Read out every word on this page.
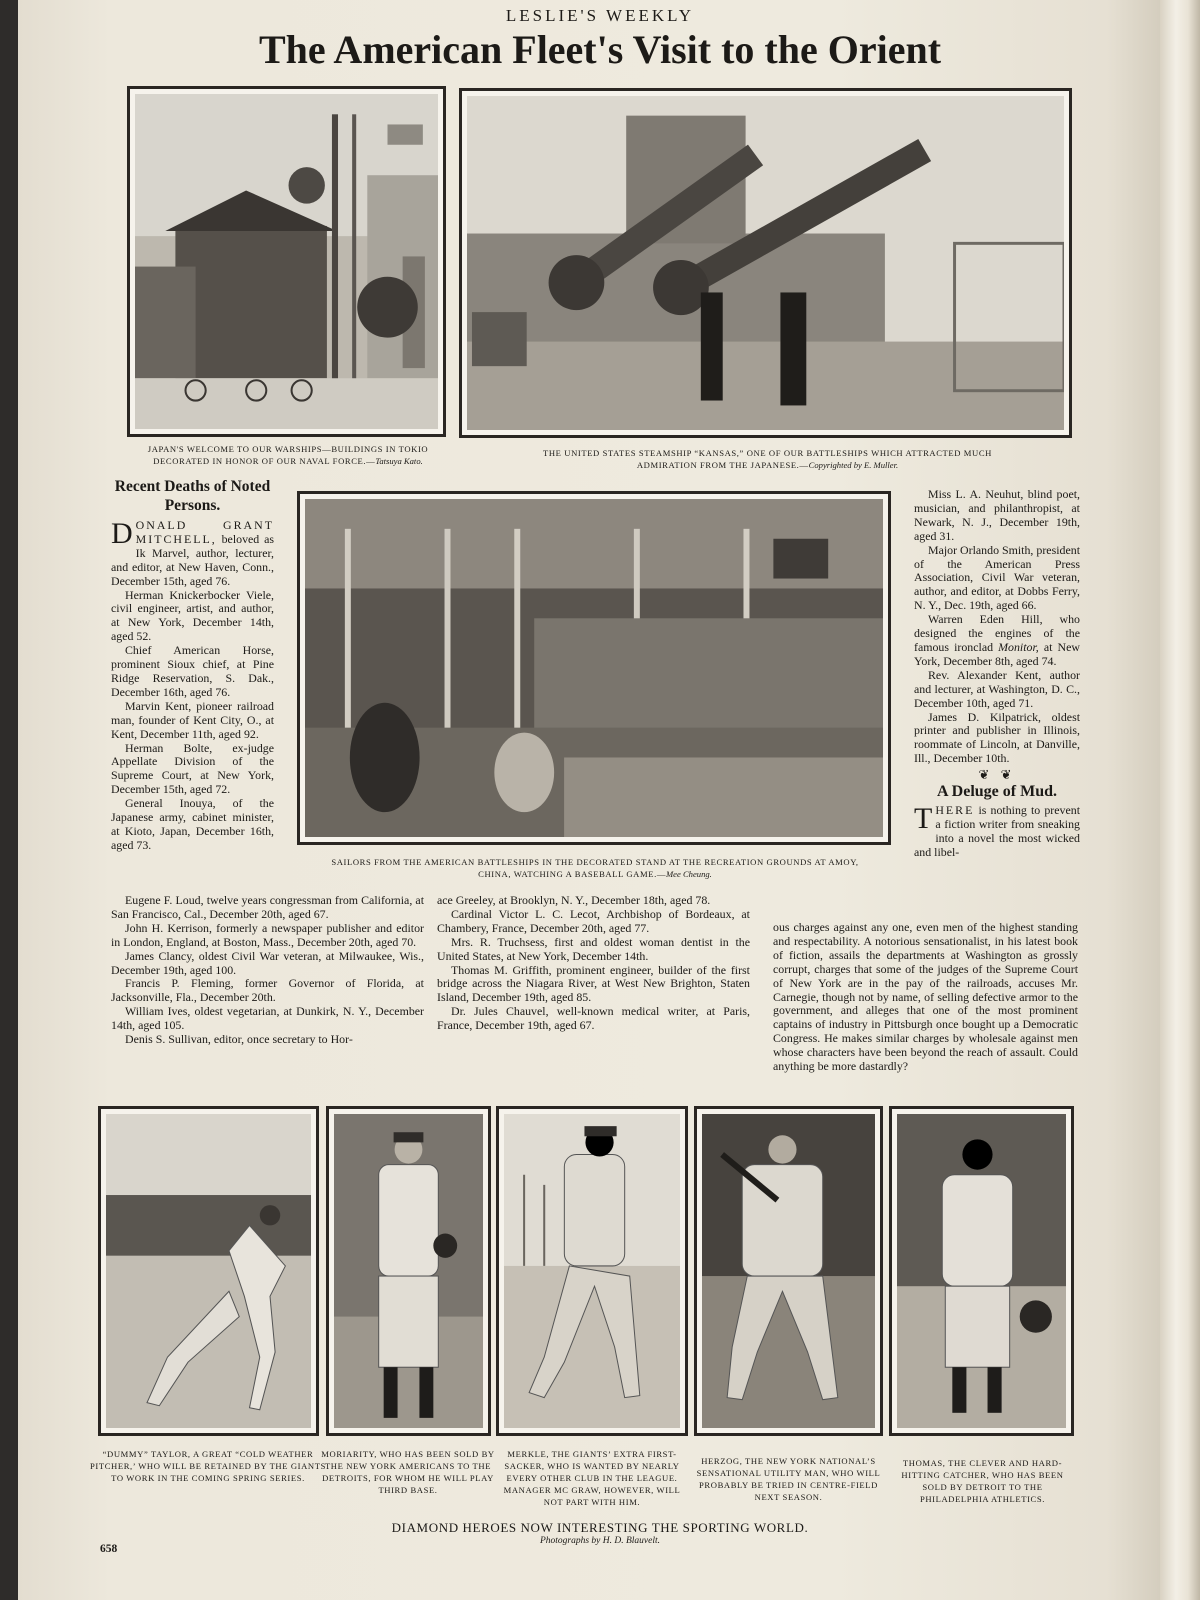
LESLIE'S WEEKLY
The American Fleet's Visit to the Orient
JAPAN'S WELCOME TO OUR WARSHIPS—BUILDINGS IN TOKIO DECORATED IN HONOR OF OUR NAVAL FORCE.—Tatsuya Kato.
THE UNITED STATES STEAMSHIP “KANSAS,” ONE OF OUR BATTLESHIPS WHICH ATTRACTED MUCH ADMIRATION FROM THE JAPANESE.—Copyrighted by E. Muller.
SAILORS FROM THE AMERICAN BATTLESHIPS IN THE DECORATED STAND AT THE RECREATION GROUNDS AT AMOY, CHINA, WATCHING A BASEBALL GAME.—Mee Cheung.
Recent Deaths of Noted Persons.

DONALD GRANT MITCHELL, beloved as Ik Marvel, author, lecturer, and editor, at New Haven, Conn., December 15th, aged 76.

Herman Knickerbocker Viele, civil engineer, artist, and author, at New York, December 14th, aged 52.

Chief American Horse, prominent Sioux chief, at Pine Ridge Reservation, S. Dak., December 16th, aged 76.

Marvin Kent, pioneer railroad man, founder of Kent City, O., at Kent, December 11th, aged 92.

Herman Bolte, ex-judge Appellate Division of the Supreme Court, at New York, December 15th, aged 72.

General Inouya, of the Japanese army, cabinet minister, at Kioto, Japan, December 16th, aged 73.

Eugene F. Loud, twelve years congressman from California, at San Francisco, Cal., December 20th, aged 67.

John H. Kerrison, formerly a newspaper publisher and editor in London, England, at Boston, Mass., December 20th, aged 70.

James Clancy, oldest Civil War veteran, at Milwaukee, Wis., December 19th, aged 100.

Francis P. Fleming, former Governor of Florida, at Jacksonville, Fla., December 20th.

William Ives, oldest vegetarian, at Dunkirk, N. Y., December 14th, aged 105.

Denis S. Sullivan, editor, once secretary to Hor-

ace Greeley, at Brooklyn, N. Y., December 18th, aged 78.

Cardinal Victor L. C. Lecot, Archbishop of Bordeaux, at Chambery, France, December 20th, aged 77.

Mrs. R. Truchsess, first and oldest woman dentist in the United States, at New York, December 14th.

Thomas M. Griffith, prominent engineer, builder of the first bridge across the Niagara River, at West New Brighton, Staten Island, December 19th, aged 85.

Dr. Jules Chauvel, well-known medical writer, at Paris, France, December 19th, aged 67.

Miss L. A. Neuhut, blind poet, musician, and philanthropist, at Newark, N. J., December 19th, aged 31.

Major Orlando Smith, president of the American Press Association, Civil War veteran, author, and editor, at Dobbs Ferry, N. Y., Dec. 19th, aged 66.

Warren Eden Hill, who designed the engines of the famous ironclad Monitor, at New York, December 8th, aged 74.

Rev. Alexander Kent, author and lecturer, at Washington, D. C., December 10th, aged 71.

James D. Kilpatrick, oldest printer and publisher in Illinois, roommate of Lincoln, at Danville, Ill., December 10th.

❦ ❦
A Deluge of Mud.

THERE is nothing to prevent a fiction writer from sneaking into a novel the most wicked and libel-

ous charges against any one, even men of the highest standing and respectability. A notorious sensationalist, in his latest book of fiction, assails the departments at Washington as grossly corrupt, charges that some of the judges of the Supreme Court of New York are in the pay of the railroads, accuses Mr. Carnegie, though not by name, of selling defective armor to the government, and alleges that one of the most prominent captains of industry in Pittsburgh once bought up a Democratic Congress. He makes similar charges by wholesale against men whose characters have been beyond the reach of assault. Could anything be more dastardly?

“DUMMY” TAYLOR, A GREAT “COLD WEATHER PITCHER,’ WHO WILL BE RETAINED BY THE GIANTS TO WORK IN THE COMING SPRING SERIES.
MORIARITY, WHO HAS BEEN SOLD BY THE NEW YORK AMERICANS TO THE DETROITS, FOR WHOM HE WILL PLAY THIRD BASE.
MERKLE, THE GIANTS’ EXTRA FIRST-SACKER, WHO IS WANTED BY NEARLY EVERY OTHER CLUB IN THE LEAGUE. MANAGER MC GRAW, HOWEVER, WILL NOT PART WITH HIM.
HERZOG, THE NEW YORK NATIONAL’S SENSATIONAL UTILITY MAN, WHO WILL PROBABLY BE TRIED IN CENTRE-FIELD NEXT SEASON.
THOMAS, THE CLEVER AND HARD-HITTING CATCHER, WHO HAS BEEN SOLD BY DETROIT TO THE PHILADELPHIA ATHLETICS.
DIAMOND HEROES NOW INTERESTING THE SPORTING WORLD.
Photographs by H. D. Blauvelt.
658
